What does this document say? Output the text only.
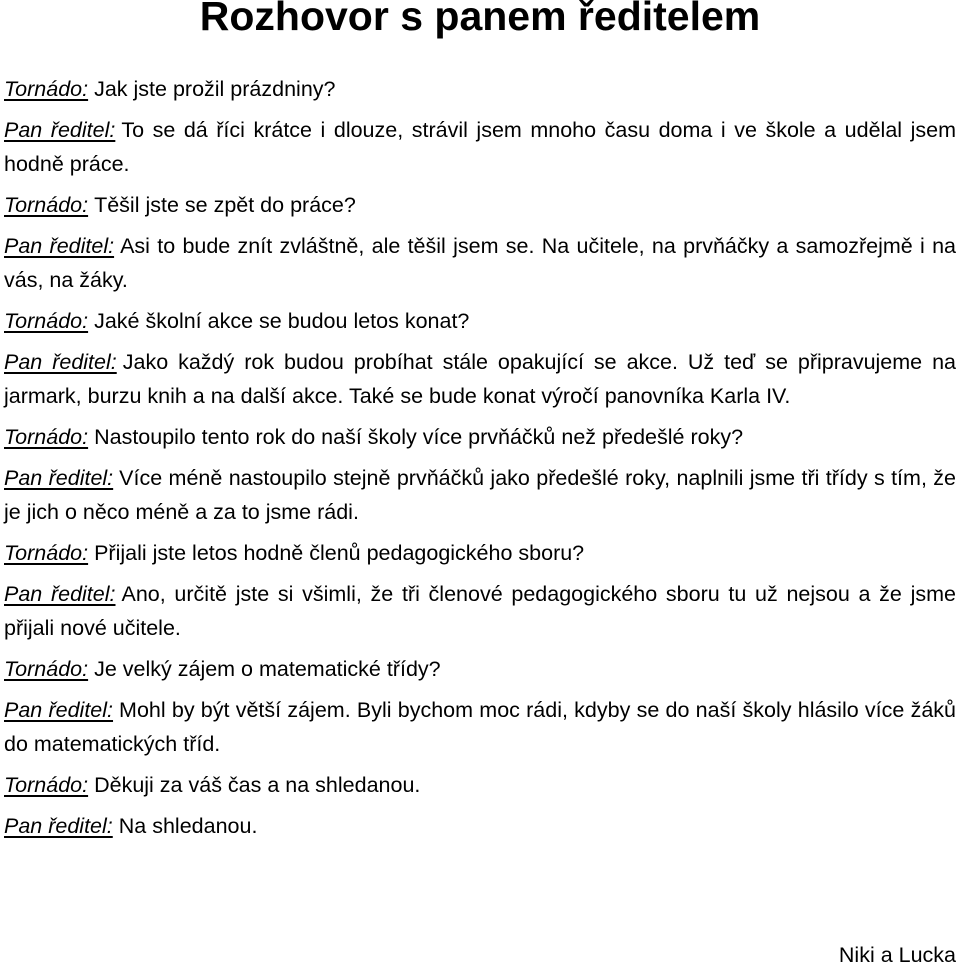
Rozhovor s panem ředitelem

Tornádo: Jak jste prožil prázdniny?

Pan ředitel: To se dá říci krátce i dlouze, strávil jsem mnoho času doma i ve škole a udělal jsem hodně práce.

Tornádo: Těšil jste se zpět do práce?

Pan ředitel: Asi to bude znít zvláštně, ale těšil jsem se. Na učitele, na prvňáčky a samozřejmě i na vás, na žáky.

Tornádo: Jaké školní akce se budou letos konat?

Pan ředitel: Jako každý rok budou probíhat stále opakující se akce. Už teď se připravujeme na jarmark, burzu knih a na další akce. Také se bude konat výročí panovníka Karla IV.

Tornádo: Nastoupilo tento rok do naší školy více prvňáčků než předešlé roky?

Pan ředitel: Více méně nastoupilo stejně prvňáčků jako předešlé roky, naplnili jsme tři třídy s tím, že je jich o něco méně a za to jsme rádi.

Tornádo: Přijali jste letos hodně členů pedagogického sboru?

Pan ředitel: Ano, určitě jste si všimli, že tři členové pedagogického sboru tu už nejsou a že jsme přijali nové učitele.

Tornádo: Je velký zájem o matematické třídy?

Pan ředitel: Mohl by být větší zájem. Byli bychom moc rádi, kdyby se do naší školy hlásilo více žáků do matematických tříd.

Tornádo: Děkuji za váš čas a na shledanou.

Pan ředitel: Na shledanou.

Niki a Lucka
